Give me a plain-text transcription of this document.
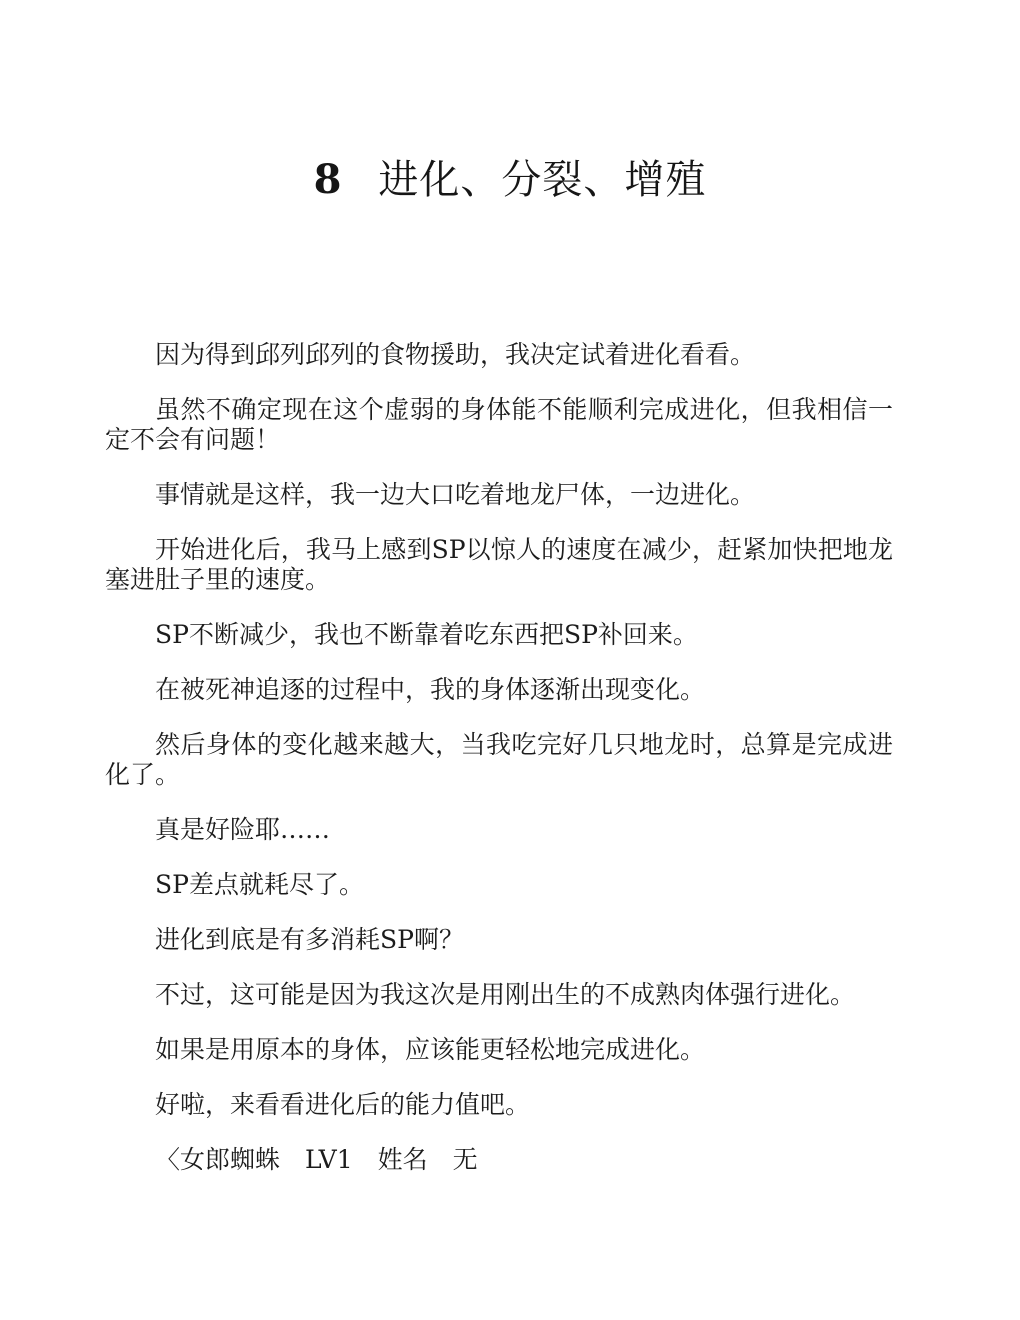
8 进化、分裂、增殖

因为得到邱列邱列的食物援助，我决定试着进化看看。

虽然不确定现在这个虚弱的身体能不能顺利完成进化，但我相信一定不会有问题！

事情就是这样，我一边大口吃着地龙尸体，一边进化。

开始进化后，我马上感到SP以惊人的速度在减少，赶紧加快把地龙塞进肚子里的速度。

SP不断减少，我也不断靠着吃东西把SP补回来。

在被死神追逐的过程中，我的身体逐渐出现变化。

然后身体的变化越来越大，当我吃完好几只地龙时，总算是完成进化了。

真是好险耶……

SP差点就耗尽了。

进化到底是有多消耗SP啊？

不过，这可能是因为我这次是用刚出生的不成熟肉体强行进化。

如果是用原本的身体，应该能更轻松地完成进化。

好啦，来看看进化后的能力值吧。

〈女郎蜘蛛　LV1　姓名　无
